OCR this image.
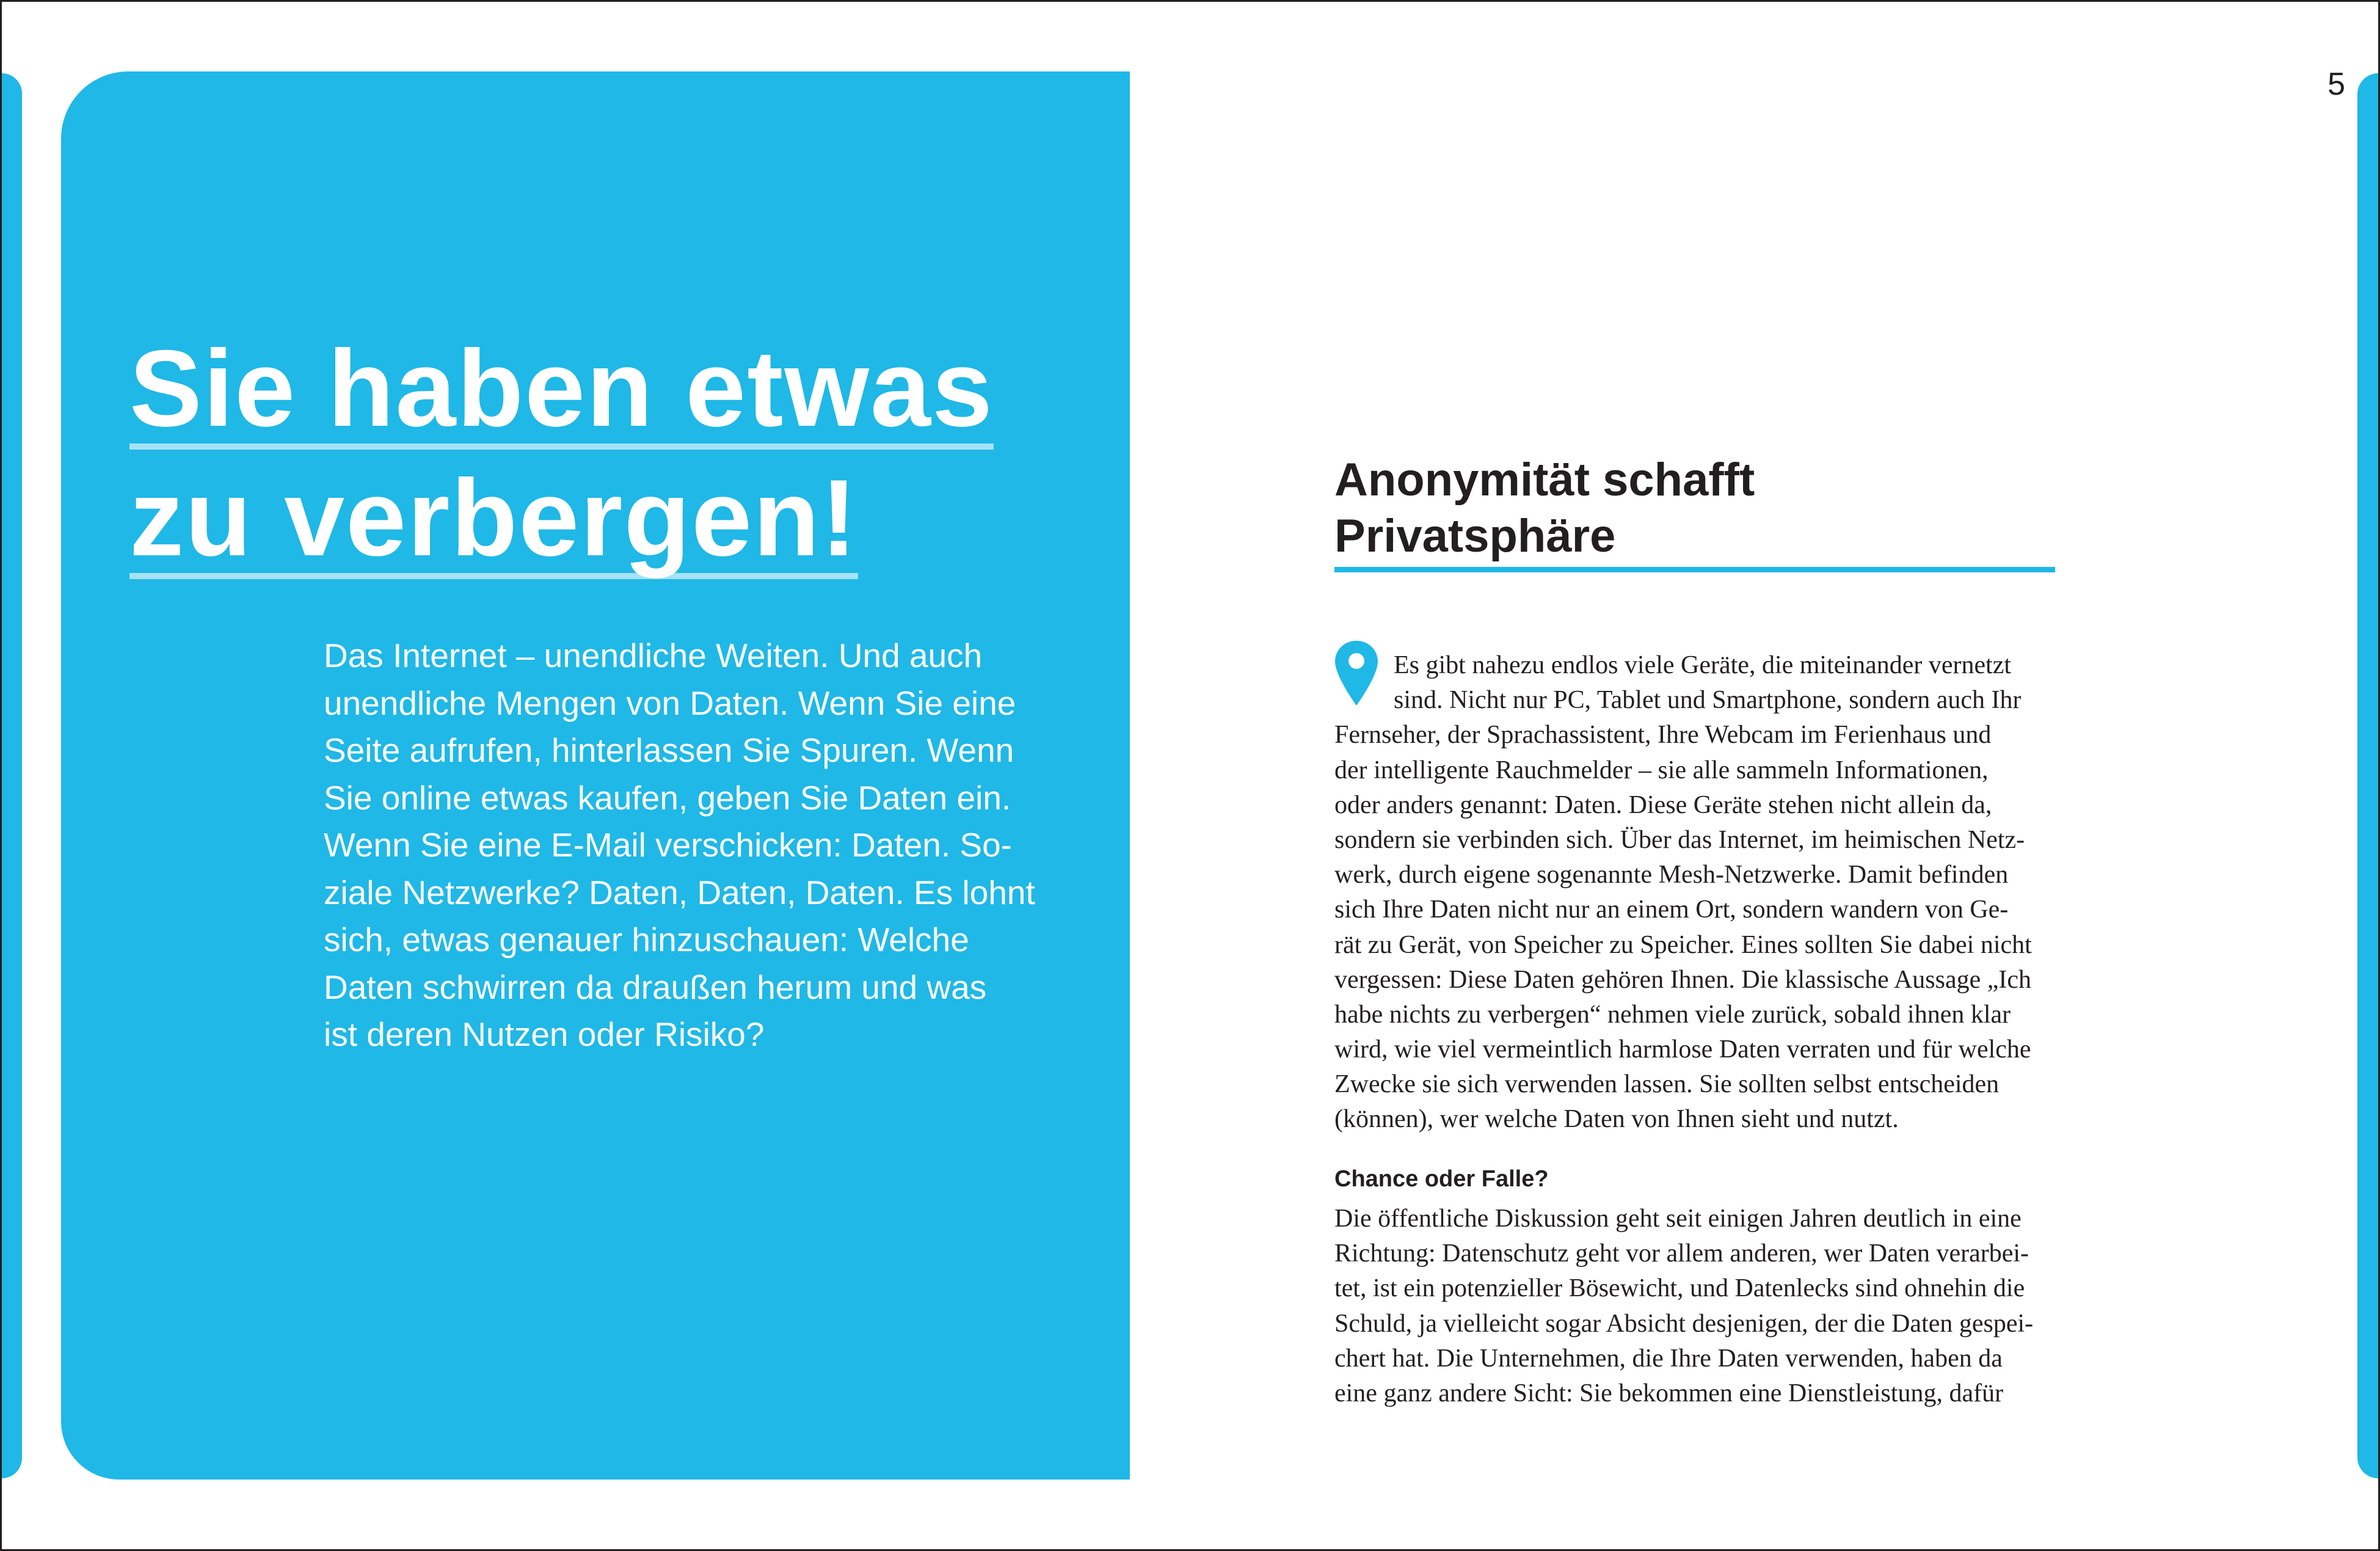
5
Sie haben etwas
zu verbergen!
Das Internet – unendliche Weiten. Und auch
unendliche Mengen von Daten. Wenn Sie eine
Seite aufrufen, hinterlassen Sie Spuren. Wenn
Sie online etwas kaufen, geben Sie Daten ein.
Wenn Sie eine E-Mail verschicken: Daten. So-
ziale Netzwerke? Daten, Daten, Daten. Es lohnt
sich, etwas genauer hinzuschauen: Welche
Daten schwirren da draußen herum und was
ist deren Nutzen oder Risiko?
Anonymität schafft
Privatsphäre
Es gibt nahezu endlos viele Geräte, die miteinander vernetzt
sind. Nicht nur PC, Tablet und Smartphone, sondern auch Ihr
Fernseher, der Sprachassistent, Ihre Webcam im Ferienhaus und
der intelligente Rauchmelder – sie alle sammeln Informationen,
oder anders genannt: Daten. Diese Geräte stehen nicht allein da,
sondern sie verbinden sich. Über das Internet, im heimischen Netz-
werk, durch eigene sogenannte Mesh-Netzwerke. Damit befinden
sich Ihre Daten nicht nur an einem Ort, sondern wandern von Ge-
rät zu Gerät, von Speicher zu Speicher. Eines sollten Sie dabei nicht
vergessen: Diese Daten gehören Ihnen. Die klassische Aussage „Ich
habe nichts zu verbergen“ nehmen viele zurück, sobald ihnen klar
wird, wie viel vermeintlich harmlose Daten verraten und für welche
Zwecke sie sich verwenden lassen. Sie sollten selbst entscheiden
(können), wer welche Daten von Ihnen sieht und nutzt.
Chance oder Falle?
Die öffentliche Diskussion geht seit einigen Jahren deutlich in eine
Richtung: Datenschutz geht vor allem anderen, wer Daten verarbei-
tet, ist ein potenzieller Bösewicht, und Datenlecks sind ohnehin die
Schuld, ja vielleicht sogar Absicht desjenigen, der die Daten gespei-
chert hat. Die Unternehmen, die Ihre Daten verwenden, haben da
eine ganz andere Sicht: Sie bekommen eine Dienstleistung, dafür
